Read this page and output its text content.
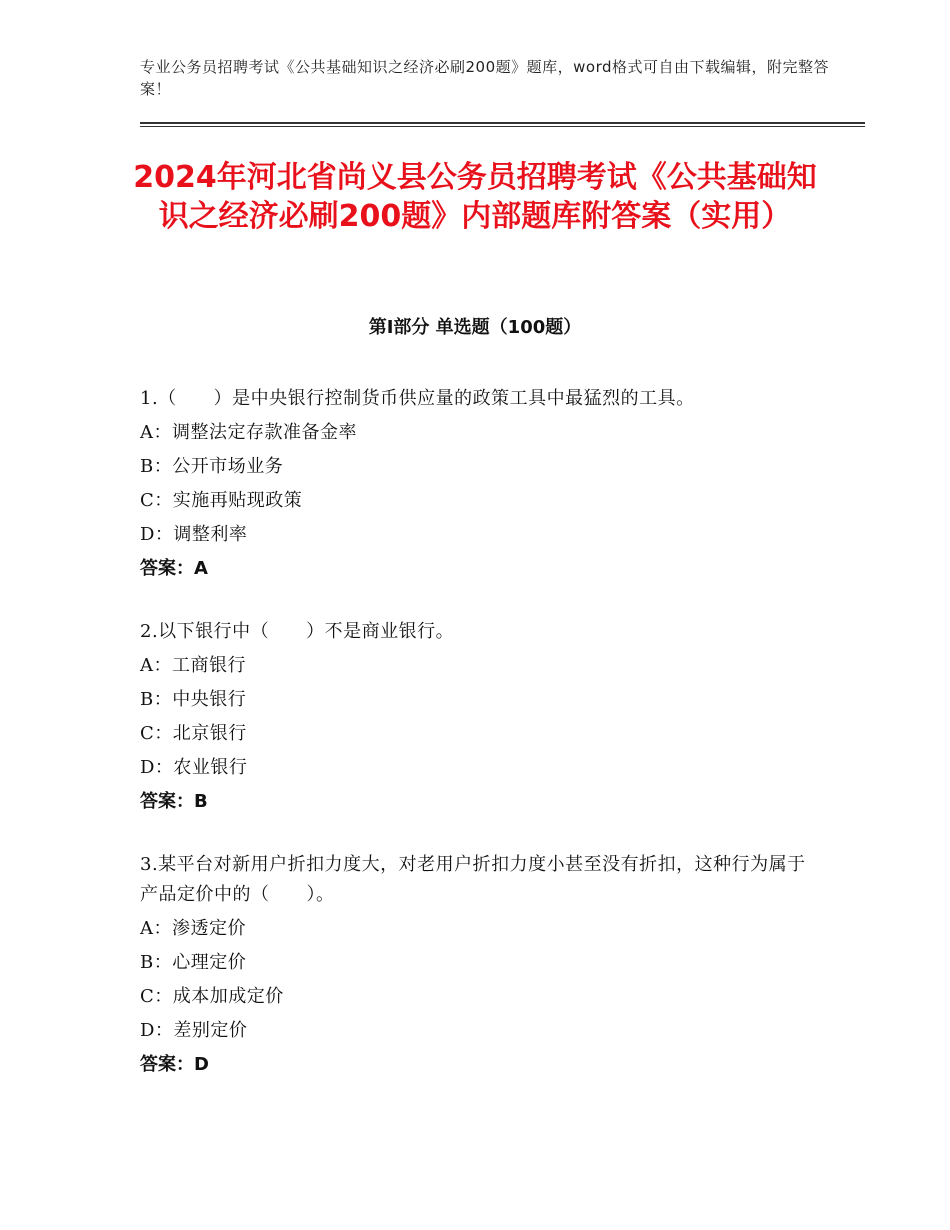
专业公务员招聘考试《公共基础知识之经济必刷200题》题库，word格式可自由下载编辑，附完整答案！
2024年河北省尚义县公务员招聘考试《公共基础知识之经济必刷200题》内部题库附答案（实用）
第Ⅰ部分 单选题（100题）
1.（　　）是中央银行控制货币供应量的政策工具中最猛烈的工具。
A：调整法定存款准备金率
B：公开市场业务
C：实施再贴现政策
D：调整利率
答案：A
2.以下银行中（　　）不是商业银行。
A：工商银行
B：中央银行
C：北京银行
D：农业银行
答案：B
3.某平台对新用户折扣力度大，对老用户折扣力度小甚至没有折扣，这种行为属于产品定价中的（　　）。
A：渗透定价
B：心理定价
C：成本加成定价
D：差别定价
答案：D
